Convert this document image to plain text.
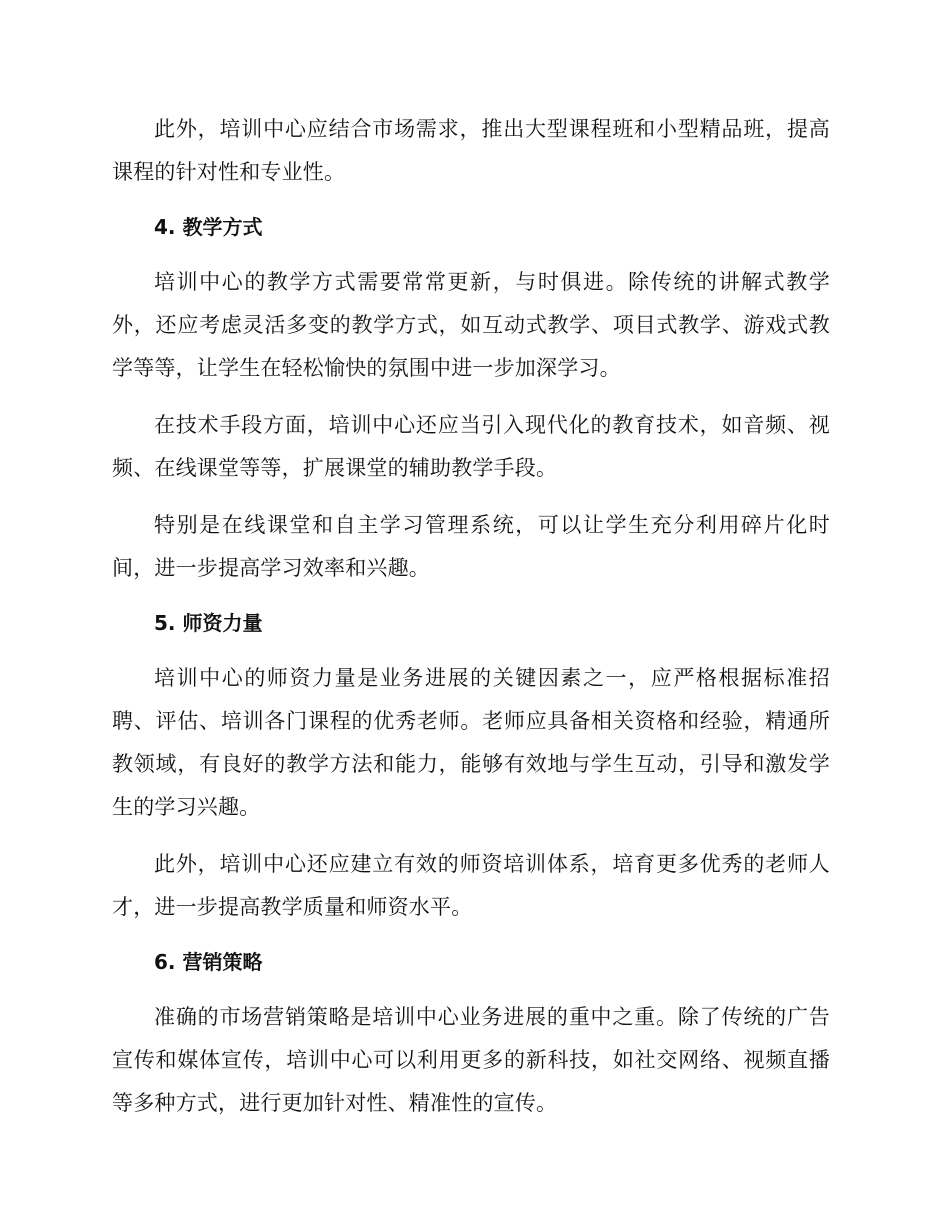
此外，培训中心应结合市场需求，推出大型课程班和小型精品班，提高课程的针对性和专业性。

4. 教学方式

培训中心的教学方式需要常常更新，与时俱进。除传统的讲解式教学外，还应考虑灵活多变的教学方式，如互动式教学、项目式教学、游戏式教学等等，让学生在轻松愉快的氛围中进一步加深学习。

在技术手段方面，培训中心还应当引入现代化的教育技术，如音频、视频、在线课堂等等，扩展课堂的辅助教学手段。

特别是在线课堂和自主学习管理系统，可以让学生充分利用碎片化时间，进一步提高学习效率和兴趣。

5. 师资力量

培训中心的师资力量是业务进展的关键因素之一，应严格根据标准招聘、评估、培训各门课程的优秀老师。老师应具备相关资格和经验，精通所教领域，有良好的教学方法和能力，能够有效地与学生互动，引导和激发学生的学习兴趣。

此外，培训中心还应建立有效的师资培训体系，培育更多优秀的老师人才，进一步提高教学质量和师资水平。

6. 营销策略

准确的市场营销策略是培训中心业务进展的重中之重。除了传统的广告宣传和媒体宣传，培训中心可以利用更多的新科技，如社交网络、视频直播等多种方式，进行更加针对性、精准性的宣传。
